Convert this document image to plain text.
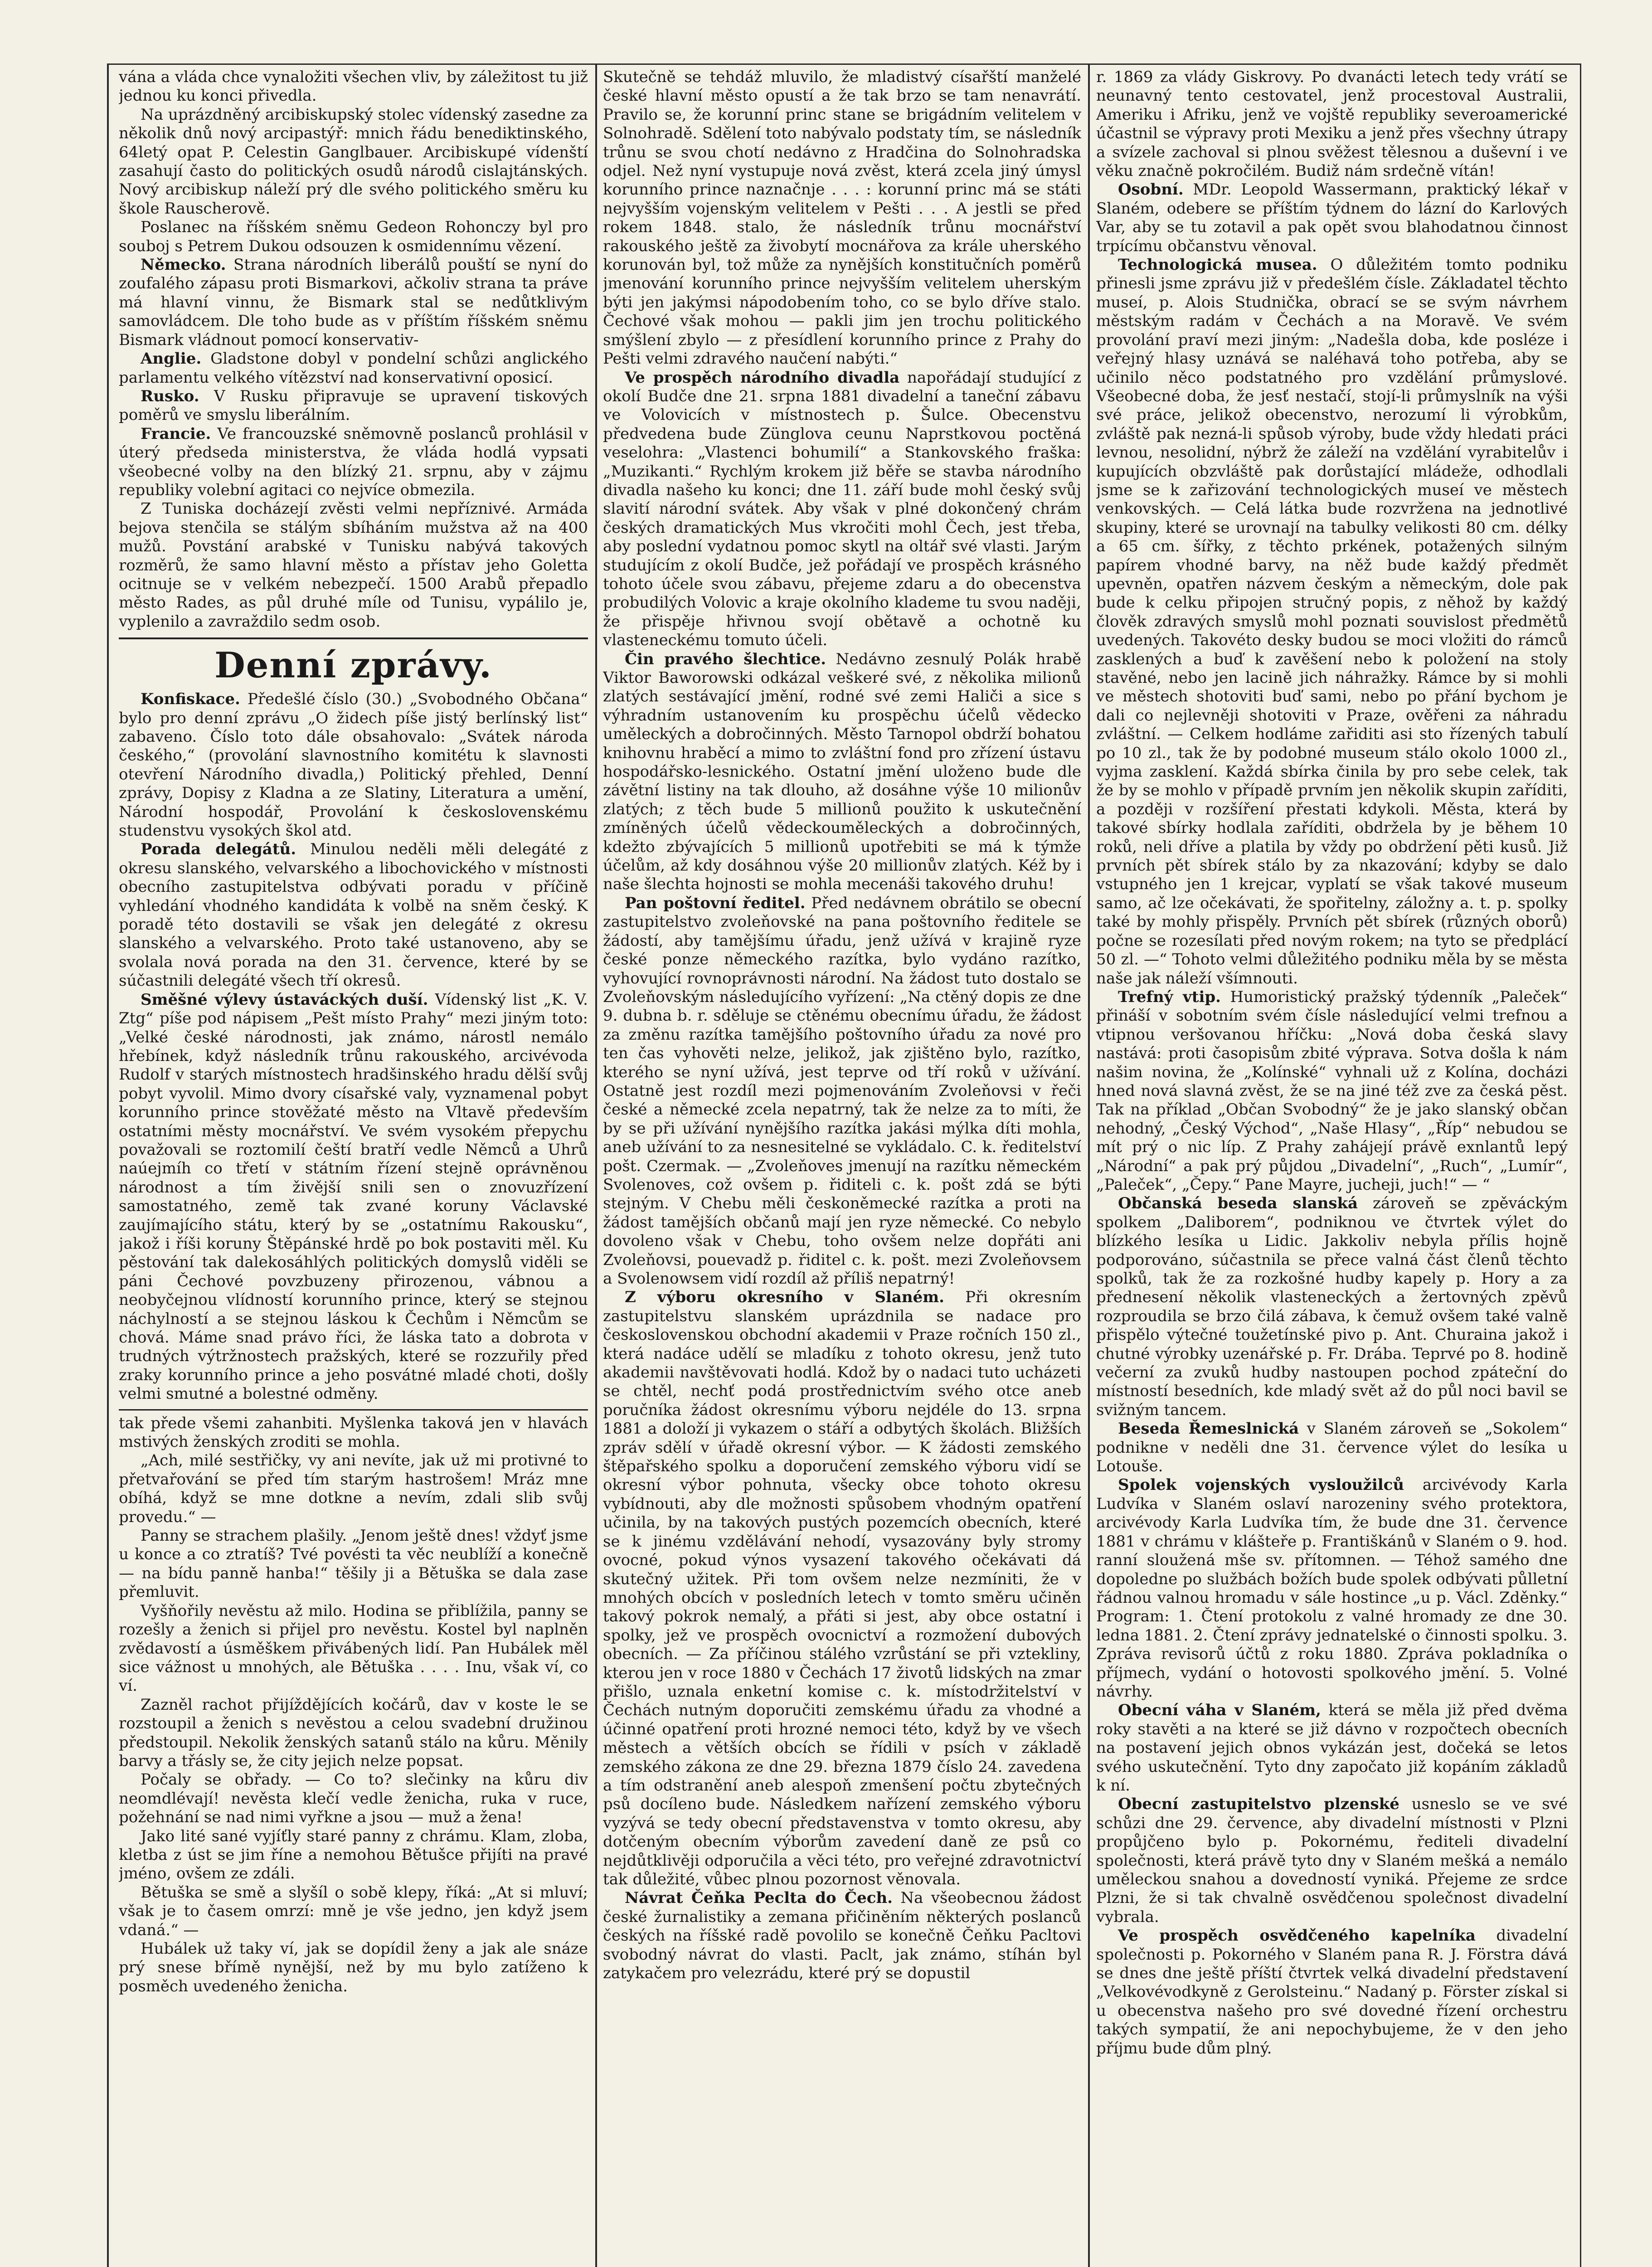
vána a vláda chce vynaložiti všechen vliv, by záležitost tu již jednou ku konci přivedla.

Na uprázdněný arcibiskupský stolec vídenský zasedne za několik dnů nový arcipastýř: mnich řádu benediktinského, 64letý opat P. Celestin Ganglbauer. Arcibiskupé vídenští zasahují často do politických osudů národů cislajtánských. Nový arcibiskup náleží prý dle svého politického směru ku škole Rauscherově.

Poslanec na říšském sněmu Gedeon Rohonczy byl pro souboj s Petrem Dukou odsouzen k osmidennímu vězení.

Německo. Strana národních liberálů pouští se nyní do zoufalého zápasu proti Bismarkovi, ačkoliv strana ta práve má hlavní vinnu, že Bismark stal se nedůtklivým samovládcem. Dle toho bude as v příštím říšském sněmu Bismark vládnout pomocí konservativ-

Anglie. Gladstone dobyl v pondelní schůzi anglického parlamentu velkého vítězství nad konservativní oposicí.

Rusko. V Rusku připravuje se upravení tiskových poměrů ve smyslu liberálním.

Francie. Ve francouzské sněmovně poslanců prohlásil v úterý předseda ministerstva, že vláda hodlá vypsati všeobecné volby na den blízký 21. srpnu, aby v zájmu republiky volební agitaci co nejvíce obmezila.

Z Tuniska docházejí zvěsti velmi nepříznivé. Armáda bejova stenčila se stálým sbíháním mužstva až na 400 mužů. Povstání arabské v Tunisku nabývá takových rozměrů, že samo hlavní město a přístav jeho Goletta ocitnuje se v velkém nebezpečí. 1500 Arabů přepadlo město Rades, as půl druhé míle od Tunisu, vypálilo je, vyplenilo a zavraždilo sedm osob.

Denní zprávy.

Konfiskace. Předešlé číslo (30.) „Svobodného Občana“ bylo pro denní zprávu „O židech píše jistý berlínský list“ zabaveno. Číslo toto dále obsahovalo: „Svátek národa českého,“ (provolání slavnostního komitétu k slavnosti otevření Národního divadla,) Politický přehled, Denní zprávy, Dopisy z Kladna a ze Slatiny, Literatura a umění, Národní hospodář, Provolání k československému studenstvu vysokých škol atd.

Porada delegátů. Minulou neděli měli delegáté z okresu slanského, velvarského a libochovického v místnosti obecního zastupitelstva odbývati poradu v příčině vyhledání vhodného kandidáta k volbě na sněm český. K poradě této dostavili se však jen delegáté z okresu slanského a velvarského. Proto také ustanoveno, aby se svolala nová porada na den 31. července, které by se súčastnili delegáté všech tří okresů.

Směšné výlevy ústaváckých duší. Vídenský list „K. V. Ztg“ píše pod nápisem „Pešt místo Prahy“ mezi jiným toto: „Velké české národnosti, jak známo, nárostl nemálo hřebínek, když následník trůnu rakouského, arcivévoda Rudolf v starých místnostech hradšinského hradu dělší svůj pobyt vyvolil. Mimo dvory císařské valy, vyznamenal pobyt korunního prince stověžaté město na Vltavě především ostatními městy mocnářství. Ve svém vysokém přepychu považovali se roztomilí čeští bratří vedle Němců a Uhrů naúejmíh co třetí v státním řízení stejně oprávněnou národnost a tím živější snili sen o znovuzřízení samostatného, země tak zvané koruny Václavské zaujímajícího státu, který by se „ostatnímu Rakousku“, jakož i říši koruny Štěpánské hrdě po bok postaviti měl. Ku pěstování tak dalekosáhlých politických domyslů viděli se páni Čechové povzbuzeny přirozenou, vábnou a neobyčejnou vlídností korunního prince, který se stejnou náchylností a se stejnou láskou k Čechům i Němcům se chová. Máme snad právo říci, že láska tato a dobrota v trudných výtržnostech pražských, které se rozzuřily před zraky korunního prince a jeho posvátné mladé choti, došly velmi smutné a bolestné odměny.

tak přede všemi zahanbiti. Myšlenka taková jen v hlavách mstivých ženských zroditi se mohla.

„Ach, milé sestřičky, vy ani nevíte, jak už mi protivné to přetvařování se před tím starým hastrošem! Mráz mne obíhá, když se mne dotkne a nevím, zdali slib svůj provedu.“ —

Panny se strachem plašily. „Jenom ještě dnes! vždyť jsme u konce a co ztratíš? Tvé povésti ta věc neublíží a konečně — na bídu panně hanba!“ těšily ji a Bětuška se dala zase přemluvit.

Vyšňořily nevěstu až milo. Hodina se přiblížila, panny se rozešly a ženich si přijel pro nevěstu. Kostel byl naplněn zvědavostí a úsměškem přivábených lidí. Pan Hubálek měl sice vážnost u mnohých, ale Bětuška . . . . Inu, však ví, co ví.

Zazněl rachot přijíždějících kočárů, dav v koste le se rozstoupil a ženich s nevěstou a celou svadební družinou předstoupil. Nekolik ženských satanů stálo na kůru. Měnily barvy a třásly se, že city jejich nelze popsat.

Počaly se obřady. — Co to? slečinky na kůru div neomdlévají! nevěsta klečí vedle ženicha, ruka v ruce, požehnání se nad nimi vyřkne a jsou — muž a žena!

Jako lité sané vyjíťly staré panny z chrámu. Klam, zloba, kletba z úst se jim říne a nemohou Bětušce přijíti na pravé jméno, ovšem ze zdáli.

Bětuška se smě a slyšíl o sobě klepy, říká: „At si mluví; však je to časem omrzí: mně je vše jedno, jen když jsem vdaná.“ —

Hubálek už taky ví, jak se dopídil ženy a jak ale snáze prý snese břímě nynější, než by mu bylo zatíženo k posměch uvedeného ženicha.

Skutečně se tehdáž mluvilo, že mladistvý císařští manželé české hlavní město opustí a že tak brzo se tam nenavrátí. Pravilo se, že korunní princ stane se brigádním velitelem v Solnohradě. Sdělení toto nabývalo podstaty tím, se následník trůnu se svou chotí nedávno z Hradčina do Solnohradska odjel. Než nyní vystupuje nová zvěst, která zcela jiný úmysl korunního prince naznačnje . . . : korunní princ má se státi nejvyšším vojenským velitelem v Pešti . . . A jestli se před rokem 1848. stalo, že následník trůnu mocnářství rakouského ještě za živobytí mocnářova za krále uherského korunován byl, tož může za nynějších konstitučních poměrů jmenování korunního prince nejvyšším velitelem uherským býti jen jakýmsi nápodobením toho, co se bylo dříve stalo. Čechové však mohou — pakli jim jen trochu politického smýšlení zbylo — z přesídlení korunního prince z Prahy do Pešti velmi zdravého naučení nabýti.“

Ve prospěch národního divadla napořádají studující z okolí Budče dne 21. srpna 1881 divadelní a taneční zábavu ve Volovicích v místnostech p. Šulce. Obecenstvu předvedena bude Zünglova ceunu Naprstkovou poctěná veselohra: „Vlastenci bohumilí“ a Stankovského fraška: „Muzikanti.“ Rychlým krokem již běře se stavba národního divadla našeho ku konci; dne 11. září bude mohl český svůj slavití národní svátek. Aby však v plné dokončený chrám českých dramatických Mus vkročiti mohl Čech, jest třeba, aby poslední vydatnou pomoc skytl na oltář své vlasti. Jarým studujícím z okolí Budče, jež pořádají ve prospěch krásného tohoto účele svou zábavu, přejeme zdaru a do obecenstva probudilých Volovic a kraje okolního klademe tu svou naději, že přispěje hřivnou svojí obětavě a ochotně ku vlasteneckému tomuto účeli.

Čin pravého šlechtice. Nedávno zesnulý Polák hrabě Viktor Baworowski odkázal veškeré své, z několika milionů zlatých sestávající jmění, rodné své zemi Haliči a sice s výhradním ustanovením ku prospěchu účelů vědecko uměleckých a dobročinných. Město Tarnopol obdrží bohatou knihovnu hraběcí a mimo to zvláštní fond pro zřízení ústavu hospodářsko-lesnického. Ostatní jmění uloženo bude dle závětní listiny na tak dlouho, až dosáhne výše 10 milionův zlatých; z těch bude 5 millionů použito k uskutečnění zmíněných účelů vědeckouměleckých a dobročinných, kdežto zbývajících 5 millionů upotřebiti se má k týmže účelům, až kdy dosáhnou výše 20 millionův zlatých. Kéž by i naše šlechta hojnosti se mohla mecenáši takového druhu!

Pan poštovní ředitel. Před nedávnem obrátilo se obecní zastupitelstvo zvoleňovské na pana poštovního ředitele se žádostí, aby tamějšímu úřadu, jenž užívá v krajině ryze české ponze německého razítka, bylo vydáno razítko, vyhovující rovnoprávnosti národní. Na žádost tuto dostalo se Zvoleňovským následujícího vyřízení: „Na ctěný dopis ze dne 9. dubna b. r. sděluje se ctěnému obecnímu úřadu, že žádost za změnu razítka tamějšího poštovního úřadu za nové pro ten čas vyhověti nelze, jelikož, jak zjištěno bylo, razítko, kterého se nyní užívá, jest teprve od tří roků v užívání. Ostatně jest rozdíl mezi pojmenováním Zvoleňovsi v řeči české a německé zcela nepatrný, tak že nelze za to míti, že by se při užívání nynějšího razítka jakási mýlka díti mohla, aneb užívání to za nesnesitelné se vykládalo. C. k. ředitelství pošt. Czermak. — „Zvoleňoves jmenují na razítku německém Svolenoves, což ovšem p. řiditeli c. k. pošt zdá se býti stejným. V Chebu měli českoněmecké razítka a proti na žádost tamějších občanů mají jen ryze německé. Co nebylo dovoleno však v Chebu, toho ovšem nelze dopřáti ani Zvoleňovsi, pouevadž p. řiditel c. k. pošt. mezi Zvoleňovsem a Svolenowsem vidí rozdíl až příliš nepatrný!

Z výboru okresního v Slaném. Při okresním zastupitelstvu slanském uprázdnila se nadace pro československou obchodní akademii v Praze ročních 150 zl., která nadáce udělí se mladíku z tohoto okresu, jenž tuto akademii navštěvovati hodlá. Kdož by o nadaci tuto ucházeti se chtěl, nechť podá prostřednictvím svého otce aneb poručníka žádost okresnímu výboru nejdéle do 13. srpna 1881 a doloží ji vykazem o stáří a odbytých školách. Bližších zpráv sdělí v úřadě okresní výbor. — K žádosti zemského štěpařského spolku a doporučení zemského výboru vidí se okresní výbor pohnuta, všecky obce tohoto okresu vybídnouti, aby dle možnosti spůsobem vhodným opatření učinila, by na takových pustých pozemcích obecních, které se k jinému vzdělávání nehodí, vysazovány byly stromy ovocné, pokud výnos vysazení takového očekávati dá skutečný užitek. Při tom ovšem nelze nezmíniti, že v mnohých obcích v posledních letech v tomto směru učiněn takový pokrok nemalý, a přáti si jest, aby obce ostatní i spolky, jež ve prospěch ovocnictví a rozmožení dubových obecních. — Za příčinou stálého vzrůstání se při vztekliny, kterou jen v roce 1880 v Čechách 17 životů lidských na zmar přišlo, uznala enketní komise c. k. místodržitelství v Čechách nutným doporučiti zemskému úřadu za vhodné a účinné opatření proti hrozné nemoci této, když by ve všech městech a větších obcích se řídili v psích v základě zemského zákona ze dne 29. března 1879 číslo 24. zavedena a tím odstranění aneb alespoň zmenšení počtu zbytečných psů docíleno bude. Následkem nařízení zemského výboru vyzývá se tedy obecní představenstva v tomto okresu, aby dotčeným obecním výborům zavedení daně ze psů co nejdůtklivěji odporučila a věci této, pro veřejné zdravotnictví tak důležité, vůbec plnou pozornost věnovala.

Návrat Čeňka Peclta do Čech. Na všeobecnou žádost české žurnalistiky a zemana přičiněním některých poslanců českých na říšské radě povolilo se konečně Čeňku Pacltovi svobodný návrat do vlasti. Paclt, jak známo, stíhán byl zatykačem pro velezrádu, které prý se dopustil

r. 1869 za vlády Giskrovy. Po dvanácti letech tedy vrátí se neunavný tento cestovatel, jenž procestoval Australii, Ameriku i Afriku, jenž ve vojště republiky severoamerické účastnil se výpravy proti Mexiku a jenž přes všechny útrapy a svízele zachoval si plnou svěžest tělesnou a duševní i ve věku značně pokročilém. Budiž nám srdečně vítán!

Osobní. MDr. Leopold Wassermann, praktický lékař v Slaném, odebere se příštím týdnem do lázní do Karlových Var, aby se tu zotavil a pak opět svou blahodatnou činnost trpícímu občanstvu věnoval.

Technologická musea. O důležitém tomto podniku přinesli jsme zprávu již v předešlém čísle. Základatel těchto museí, p. Alois Studnička, obrací se se svým návrhem městským radám v Čechách a na Moravě. Ve svém provolání praví mezi jiným: „Nadešla doba, kde posléze i veřejný hlasy uznává se naléhavá toho potřeba, aby se učinilo něco podstatného pro vzdělání průmyslové. Všeobecné doba, že jesť nestačí, stojí-li průmyslník na výši své práce, jelikož obecenstvo, nerozumí li výrobkům, zvláště pak nezná-li spůsob výroby, bude vždy hledati práci levnou, nesolidní, nýbrž že záleží na vzdělání vyrabitelův i kupujících obzvláště pak dorůstající mládeže, odhodlali jsme se k zařizování technologických museí ve městech venkovských. — Celá látka bude rozvržena na jednotlivé skupiny, které se urovnají na tabulky velikosti 80 cm. délky a 65 cm. šířky, z těchto prkének, potažených silným papírem vhodné barvy, na něž bude každý předmět upevněn, opatřen názvem českým a německým, dole pak bude k celku připojen stručný popis, z něhož by každý člověk zdravých smyslů mohl poznati souvislost předmětů uvedených. Takovéto desky budou se moci vložiti do rámců zasklených a buď k zavěšení nebo k položení na stoly stavěné, nebo jen lacině jich náhražky. Rámce by si mohli ve městech shotoviti buď sami, nebo po přání bychom je dali co nejlevněji shotoviti v Praze, ověřeni za náhradu zvláštní. — Celkem hodláme zařiditi asi sto řízených tabulí po 10 zl., tak že by podobné museum stálo okolo 1000 zl., vyjma zasklení. Každá sbírka činila by pro sebe celek, tak že by se mohlo v případě prvním jen několik skupin zaříditi, a později v rozšíření přestati kdykoli. Města, která by takové sbírky hodlala zaříditi, obdržela by je během 10 roků, neli dříve a platila by vždy po obdržení pěti kusů. Již prvních pět sbírek stálo by za nkazování; kdyby se dalo vstupného jen 1 krejcar, vyplatí se však takové museum samo, ač lze očekávati, že spořitelny, záložny a. t. p. spolky také by mohly přispěly. Prvních pět sbírek (různých oborů) počne se rozesílati před novým rokem; na tyto se předplácí 50 zl. —“ Tohoto velmi důležitého podniku měla by se města naše jak náleží všímnouti.

Trefný vtip. Humoristický pražský týdenník „Paleček“ přináší v sobotním svém čísle následující velmi trefnou a vtipnou veršovanou hříčku: „Nová doba česká slavy nastává: proti časopisům zbité výprava. Sotva došla k nám našim novina, že „Kolínské“ vyhnali už z Kolína, docházi hned nová slavná zvěst, že se na jiné též zve za česká pěst. Tak na příklad „Občan Svobodný“ že je jako slanský občan nehodný, „Český Východ“, „Naše Hlasy“, „Říp“ nebudou se mít prý o nic líp. Z Prahy zahájejí právě exnlantů lepý „Národní“ a pak prý půjdou „Divadelní“, „Ruch“, „Lumír“, „Paleček“, „Čepy.“ Pane Mayre, jucheji, juch!“ — “

Občanská beseda slanská zároveň se zpěváckým spolkem „Daliborem“, podniknou ve čtvrtek výlet do blízkého lesíka u Lidic. Jakkoliv nebyla přílis hojně podporováno, súčastnila se přece valná část členů těchto spolků, tak že za rozkošné hudby kapely p. Hory a za přednesení několik vlasteneckých a žertovných zpěvů rozproudila se brzo čilá zábava, k čemuž ovšem také valně přispělo výtečné toužetínské pivo p. Ant. Churaina jakož i chutné výrobky uzenářské p. Fr. Drába. Teprvé po 8. hodině večerní za zvuků hudby nastoupen pochod zpáteční do místností besedních, kde mladý svět až do půl noci bavil se svižným tancem.

Beseda Řemeslnická v Slaném zároveň se „Sokolem“ podnikne v neděli dne 31. července výlet do lesíka u Lotouše.

Spolek vojenských vysloužilců arcivévody Karla Ludvíka v Slaném oslaví narozeniny svého protektora, arcivévody Karla Ludvíka tím, že bude dne 31. července 1881 v chrámu v klášteře p. Františkánů v Slaném o 9. hod. ranní sloužená mše sv. přítomnen. — Téhož samého dne dopoledne po službách božích bude spolek odbývati půlletní řádnou valnou hromadu v sále hostince „u p. Václ. Zděnky.“ Program: 1. Čtení protokolu z valné hromady ze dne 30. ledna 1881. 2. Čtení zprávy jednatelské o činnosti spolku. 3. Zpráva revisorů účtů z roku 1880. Zpráva pokladníka o příjmech, vydání o hotovosti spolkového jmění. 5. Volné návrhy.

Obecní váha v Slaném, která se měla již před dvěma roky stavěti a na které se již dávno v rozpočtech obecních na postavení jejich obnos vykázán jest, dočeká se letos svého uskutečnění. Tyto dny započato již kopáním základů k ní.

Obecní zastupitelstvo plzenské usneslo se ve své schůzi dne 29. července, aby divadelní místnosti v Plzni propůjčeno bylo p. Pokornému, řediteli divadelní společnosti, která právě tyto dny v Slaném mešká a nemálo uměleckou snahou a dovedností vyniká. Přejeme ze srdce Plzni, že si tak chvalně osvědčenou společnost divadelní vybrala.

Ve prospěch osvědčeného kapelníka divadelní společnosti p. Pokorného v Slaném pana R. J. Förstra dává se dnes dne ještě příští čtvrtek velká divadelní představení „Velkovévodkyně z Gerolsteinu.“ Nadaný p. Förster získal si u obecenstva našeho pro své dovedné řízení orchestru takých sympatií, že ani nepochybujeme, že v den jeho příjmu bude dům plný.
